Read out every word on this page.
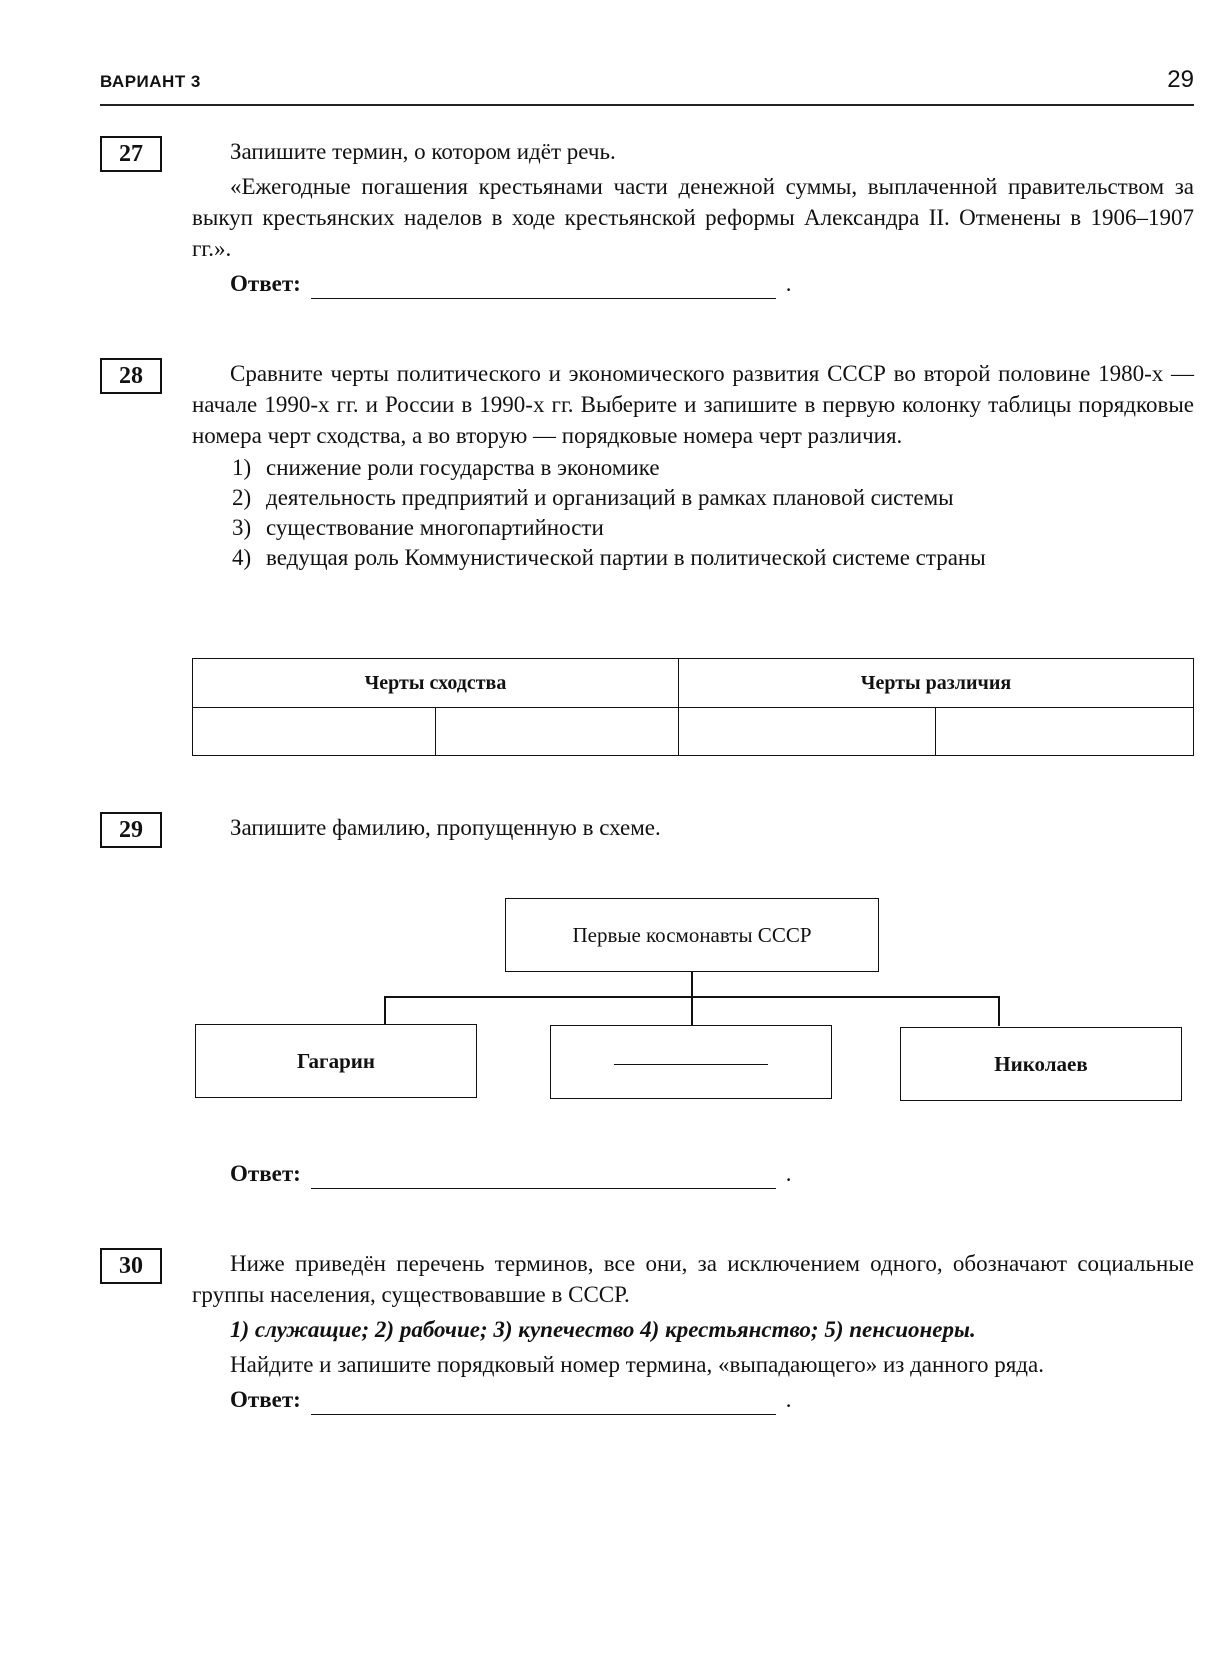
ВАРИАНТ 3	29
27	Запишите термин, о котором идёт речь.

«Ежегодные погашения крестьянами части денежной суммы, выплаченной правительством за выкуп крестьянских наделов в ходе крестьянской реформы Александра II. Отменены в 1906–1907 гг.».

Ответ:	.
28	Сравните черты политического и экономического развития СССР во второй половине 1980-х — начале 1990-х гг. и России в 1990-х гг. Выберите и запишите в первую колонку таблицы порядковые номера черт сходства, а во вторую — порядковые номера черт различия.

1) снижение роли государства в экономике
2) деятельность предприятий и организаций в рамках плановой системы
3) существование многопартийности
4) ведущая роль Коммунистической партии в политической системе страны
Черты сходства		Черты различия	

29	Запишите фамилию, пропущенную в схеме.

Первые космонавты СССР
Гагарин	Николаев
Ответ:	.
30	Ниже приведён перечень терминов, все они, за исключением одного, обозначают социальные группы населения, существовавшие в СССР.

1) служащие; 2) рабочие; 3) купечество 4) крестьянство; 5) пенсионеры.

Найдите и запишите порядковый номер термина, «выпадающего» из данного ряда.

Ответ:	.
